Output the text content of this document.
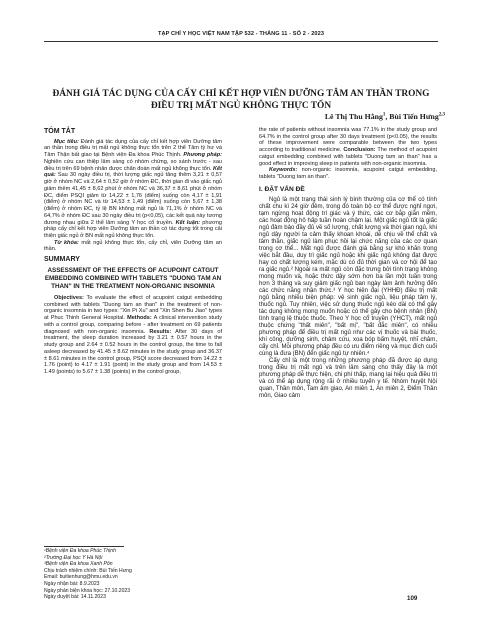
TẠP CHÍ Y HỌC VIỆT NAM TẬP 532 - THÁNG 11 - SỐ 2 - 2023
ĐÁNH GIÁ TÁC DỤNG CỦA CẤY CHỈ KẾT HỢP VIÊN DƯỠNG TÂM AN THẦN TRONG ĐIỀU TRỊ MẤT NGỦ KHÔNG THỰC TỔN
Lê Thị Thu Hằng$^1$, Bùi Tiến Hưng$^{2,3}$

TÓM TẮT

Mục tiêu: Đánh giá tác dụng của cấy chỉ kết hợp viên Dưỡng tâm an thần trong điều trị mất ngủ không thực tổn trên 2 thể Tâm tỳ hư và Tâm Thận bất giao tại Bệnh viện Đa khoa Phúc Thịnh. Phương pháp: Nghiên cứu can thiệp lâm sàng có nhóm chứng, so sánh trước - sau điều trị trên 69 bệnh nhân được chẩn đoán mất ngủ không thực tổn. Kết quả: Sau 30 ngày điều trị, thời lượng giấc ngủ tăng thêm 3,21 ± 0,57 giờ ở nhóm NC và 2,64 ± 0,52 giờ ở nhóm ĐC, thời gian đi vào giấc ngủ giảm thêm 41,45 ± 8,62 phút ở nhóm NC và 36,37 ± 8,61 phút ở nhóm ĐC, điểm PSQI giảm từ 14,22 ± 1,76 (điểm) xuống còn 4,17 ± 1,91 (điểm) ở nhóm NC và từ 14,53 ± 1,49 (điểm) xuống còn 5,67 ± 1,38 (điểm) ở nhóm ĐC, tỷ lệ BN không mất ngủ là 71,1% ở nhóm NC và 64,7% ở nhóm ĐC sau 30 ngày điều trị (p<0,05), các kết quả này tương đương nhau giữa 2 thể lâm sàng Y học cổ truyền. Kết luận: phương pháp cấy chỉ kết hợp viên Dưỡng tâm an thần có tác dụng tốt trong cải thiện giấc ngủ ở BN mất ngủ không thực tổn.

Từ khóa: mất ngủ không thực tổn, cấy chỉ, viên Dưỡng tâm an thần.

SUMMARY

ASSESSMENT OF THE EFFECTS OF ACUPOINT CATGUT EMBEDDING COMBINED WITH TABLETS "DUONG TAM AN THAN" IN THE TREATMENT NON-ORGANIC INSOMNIA

Objectives: To evaluate the effect of acupoint catgut embedding combined with tablets "Duong tam an than" in the treatment of non-organic insomnia in two types: "Xin Pi Xu" and "Xin Shen Bu Jiao" types at Phuc Thinh General Hospital. Methods: A clinical intervention study with a control group, comparing before - after treatment on 69 patients diagnosed with non-organic insomnia. Results: After 30 days of treatment, the sleep duration increased by 3.21 ± 0.57 hours in the study group and 2.64 ± 0.52 hours in the control group, the time to fall asleep decreased by 41.45 ± 8.62 minutes in the study group and 36.37 ± 8.61 minutes in the control group, PSQI score decreased from 14.22 ± 1.76 (point) to 4.17 ± 1.91 (point) in the study group and from 14.53 ± 1.49 (points) to 5.67 ± 1.38 (points) in the control group,

the rate of patients without insomnia was 77.1% in the study group and 64.7% in the control group after 30 days treatment (p<0.05), the results of these improvement were comparable between the two types according to traditional medicine. Conclusion: The method of acupoint catgut embedding combined with tablets "Duong tam an than" has a good effect in improving sleep in patients with non-organic insomnia.

Keywords: non-organic insomnia, acupoint catgut embedding, tablets "Duong tam an than".

I. ĐẶT VẤN ĐỀ

Ngủ là một trạng thái sinh lý bình thường của cơ thể có tính chất chu kì 24 giờ đêm, trong đó toàn bộ cơ thể được nghỉ ngơi, tạm ngừng hoạt động trí giác và ý thức, các cơ bắp giãn mềm, các hoạt động hô hấp tuần hoàn chậm lại. Một giấc ngủ tốt là giấc ngủ đảm bảo đầy đủ về số lượng, chất lượng và thời gian ngủ, khi ngủ dậy người ta cảm thấy khoan khoái, dễ chịu về thể chất và tâm thần, giấc ngủ làm phục hồi lại chức năng của các cơ quan trong cơ thể... Mất ngủ được đánh giá bằng sự khó khăn trong việc bắt đầu, duy trì giấc ngủ hoặc khi giấc ngủ không đạt được hay có chất lượng kém, mặc dù có đủ thời gian và cơ hội để tạo ra giấc ngủ.² Ngoài ra mất ngủ còn đặc trưng bởi tình trạng không mong muốn và, hoặc thức dậy sớm hơn ba lần một tuần trong hơn 3 tháng và suy giảm giấc ngủ ban ngày làm ảnh hưởng đến các chức năng nhận thức.³ Y học hiện đại (YHHĐ) điều trị mất ngủ bằng nhiều biện pháp: vệ sinh giấc ngủ, liệu pháp tâm lý, thuốc ngủ. Tuy nhiên, việc sử dụng thuốc ngủ kéo dài có thể gây tác dụng không mong muốn hoặc có thể gây cho bệnh nhân (BN) tình trạng lệ thuộc thuốc. Theo Y học cổ truyền (YHCT), mất ngủ thuộc chứng "thất miên", "bất mị", "bất đắc miên", có nhiều phương pháp để điều trị mất ngủ như các vị thuốc và bài thuốc, khí công, dưỡng sinh, châm cứu, xoa bóp bấm huyệt, nhĩ châm, cấy chỉ. Mỗi phương pháp đều có ưu điểm riêng và mục đích cuối cùng là đưa (BN) đến giấc ngủ tự nhiên.⁴

Cấy chỉ là một trong những phương pháp đã được áp dụng trong điều trị mất ngủ và trên lâm sàng cho thấy đây là một phương pháp dễ thực hiện, chi phí thấp, mang lại hiệu quả điều trị và có thể áp dụng rộng rãi ở nhiều tuyến y tế. Nhóm huyệt Nội quan, Thần môn, Tam âm giao, An miên 1, An miên 2, Điểm Thần môn, Giao cảm

¹Bệnh viện Đa khoa Phúc Thịnh
²Trường Đại học Y Hà Nội
³Bệnh viện Đa khoa Xanh Pôn
Chịu trách nhiệm chính: Bùi Tiến Hưng
Email: buitienhung@hmu.edu.vn
Ngày nhận bài: 8.9.2023
Ngày phản biện khoa học: 27.10.2023
Ngày duyệt bài: 14.11.2023	109
